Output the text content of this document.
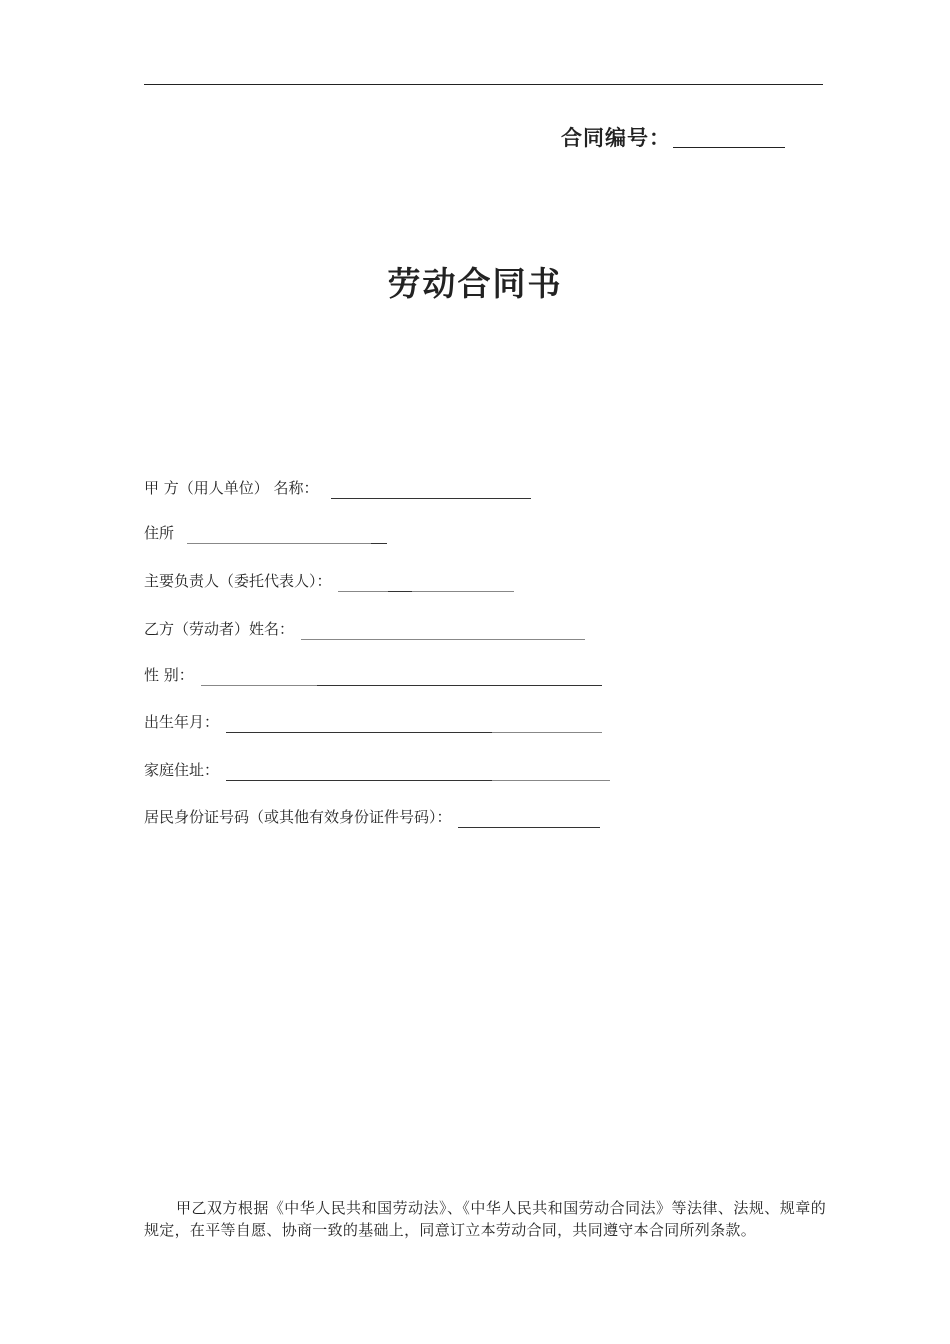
合同编号：
劳动合同书
甲 方（用人单位） 名称：
住所
主要负责人（委托代表人）：
乙方（劳动者）姓名：
性 别：
出生年月：
家庭住址：
居民身份证号码（或其他有效身份证件号码）：

甲乙双方根据《中华人民共和国劳动法》、《中华人民共和国劳动合同法》等法律、法规、规章的规定，在平等自愿、协商一致的基础上，同意订立本劳动合同，共同遵守本合同所列条款。
